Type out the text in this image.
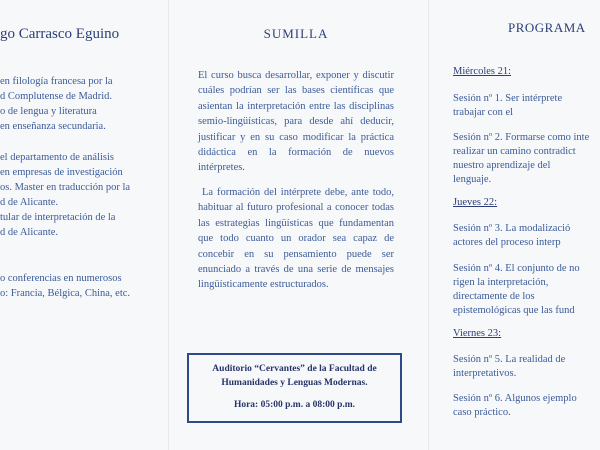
go Carrasco Eguino
en filología francesa por la
d Complutense de Madrid.
o de lengua y literatura
en enseñanza secundaria.
el departamento de análisis
en empresas de investigación
os. Master en traducción por la
d de Alicante.
tular de interpretación de la
d de Alicante.
o conferencias en numerosos
o: Francia, Bélgica, China, etc.
SUMILLA
El curso busca desarrollar, exponer y discutir cuáles podrían ser las bases científicas que asientan la interpretación entre las disciplinas semio-lingüísticas, para desde ahí deducir, justificar y en su caso modificar la práctica didáctica en la formación de nuevos intérpretes.
La formación del intérprete debe, ante todo, habituar al futuro profesional a conocer todas las estrategias lingüísticas que fundamentan que todo cuanto un orador sea capaz de concebir en su pensamiento puede ser enunciado a través de una serie de mensajes lingüísticamente estructurados.
Auditorio “Cervantes” de la Facultad de Humanidades y Lenguas Modernas.
Hora: 05:00 p.m. a 08:00 p.m.
PROGRAMA
Miércoles 21:
Sesión nº 1. Ser intérprete
trabajar con el
Sesión nº 2. Formarse como inte
realizar un camino contradict
nuestro aprendizaje del
lenguaje.
Jueves 22:
Sesión nº 3. La modalizació
actores del proceso interp
Sesión nº 4. El conjunto de no
rigen la interpretación,
directamente de los
epistemológicas que las fund
Viernes 23:
Sesión nº 5. La realidad de
interpretativos.
Sesión nº 6. Algunos ejemplo
caso práctico.
